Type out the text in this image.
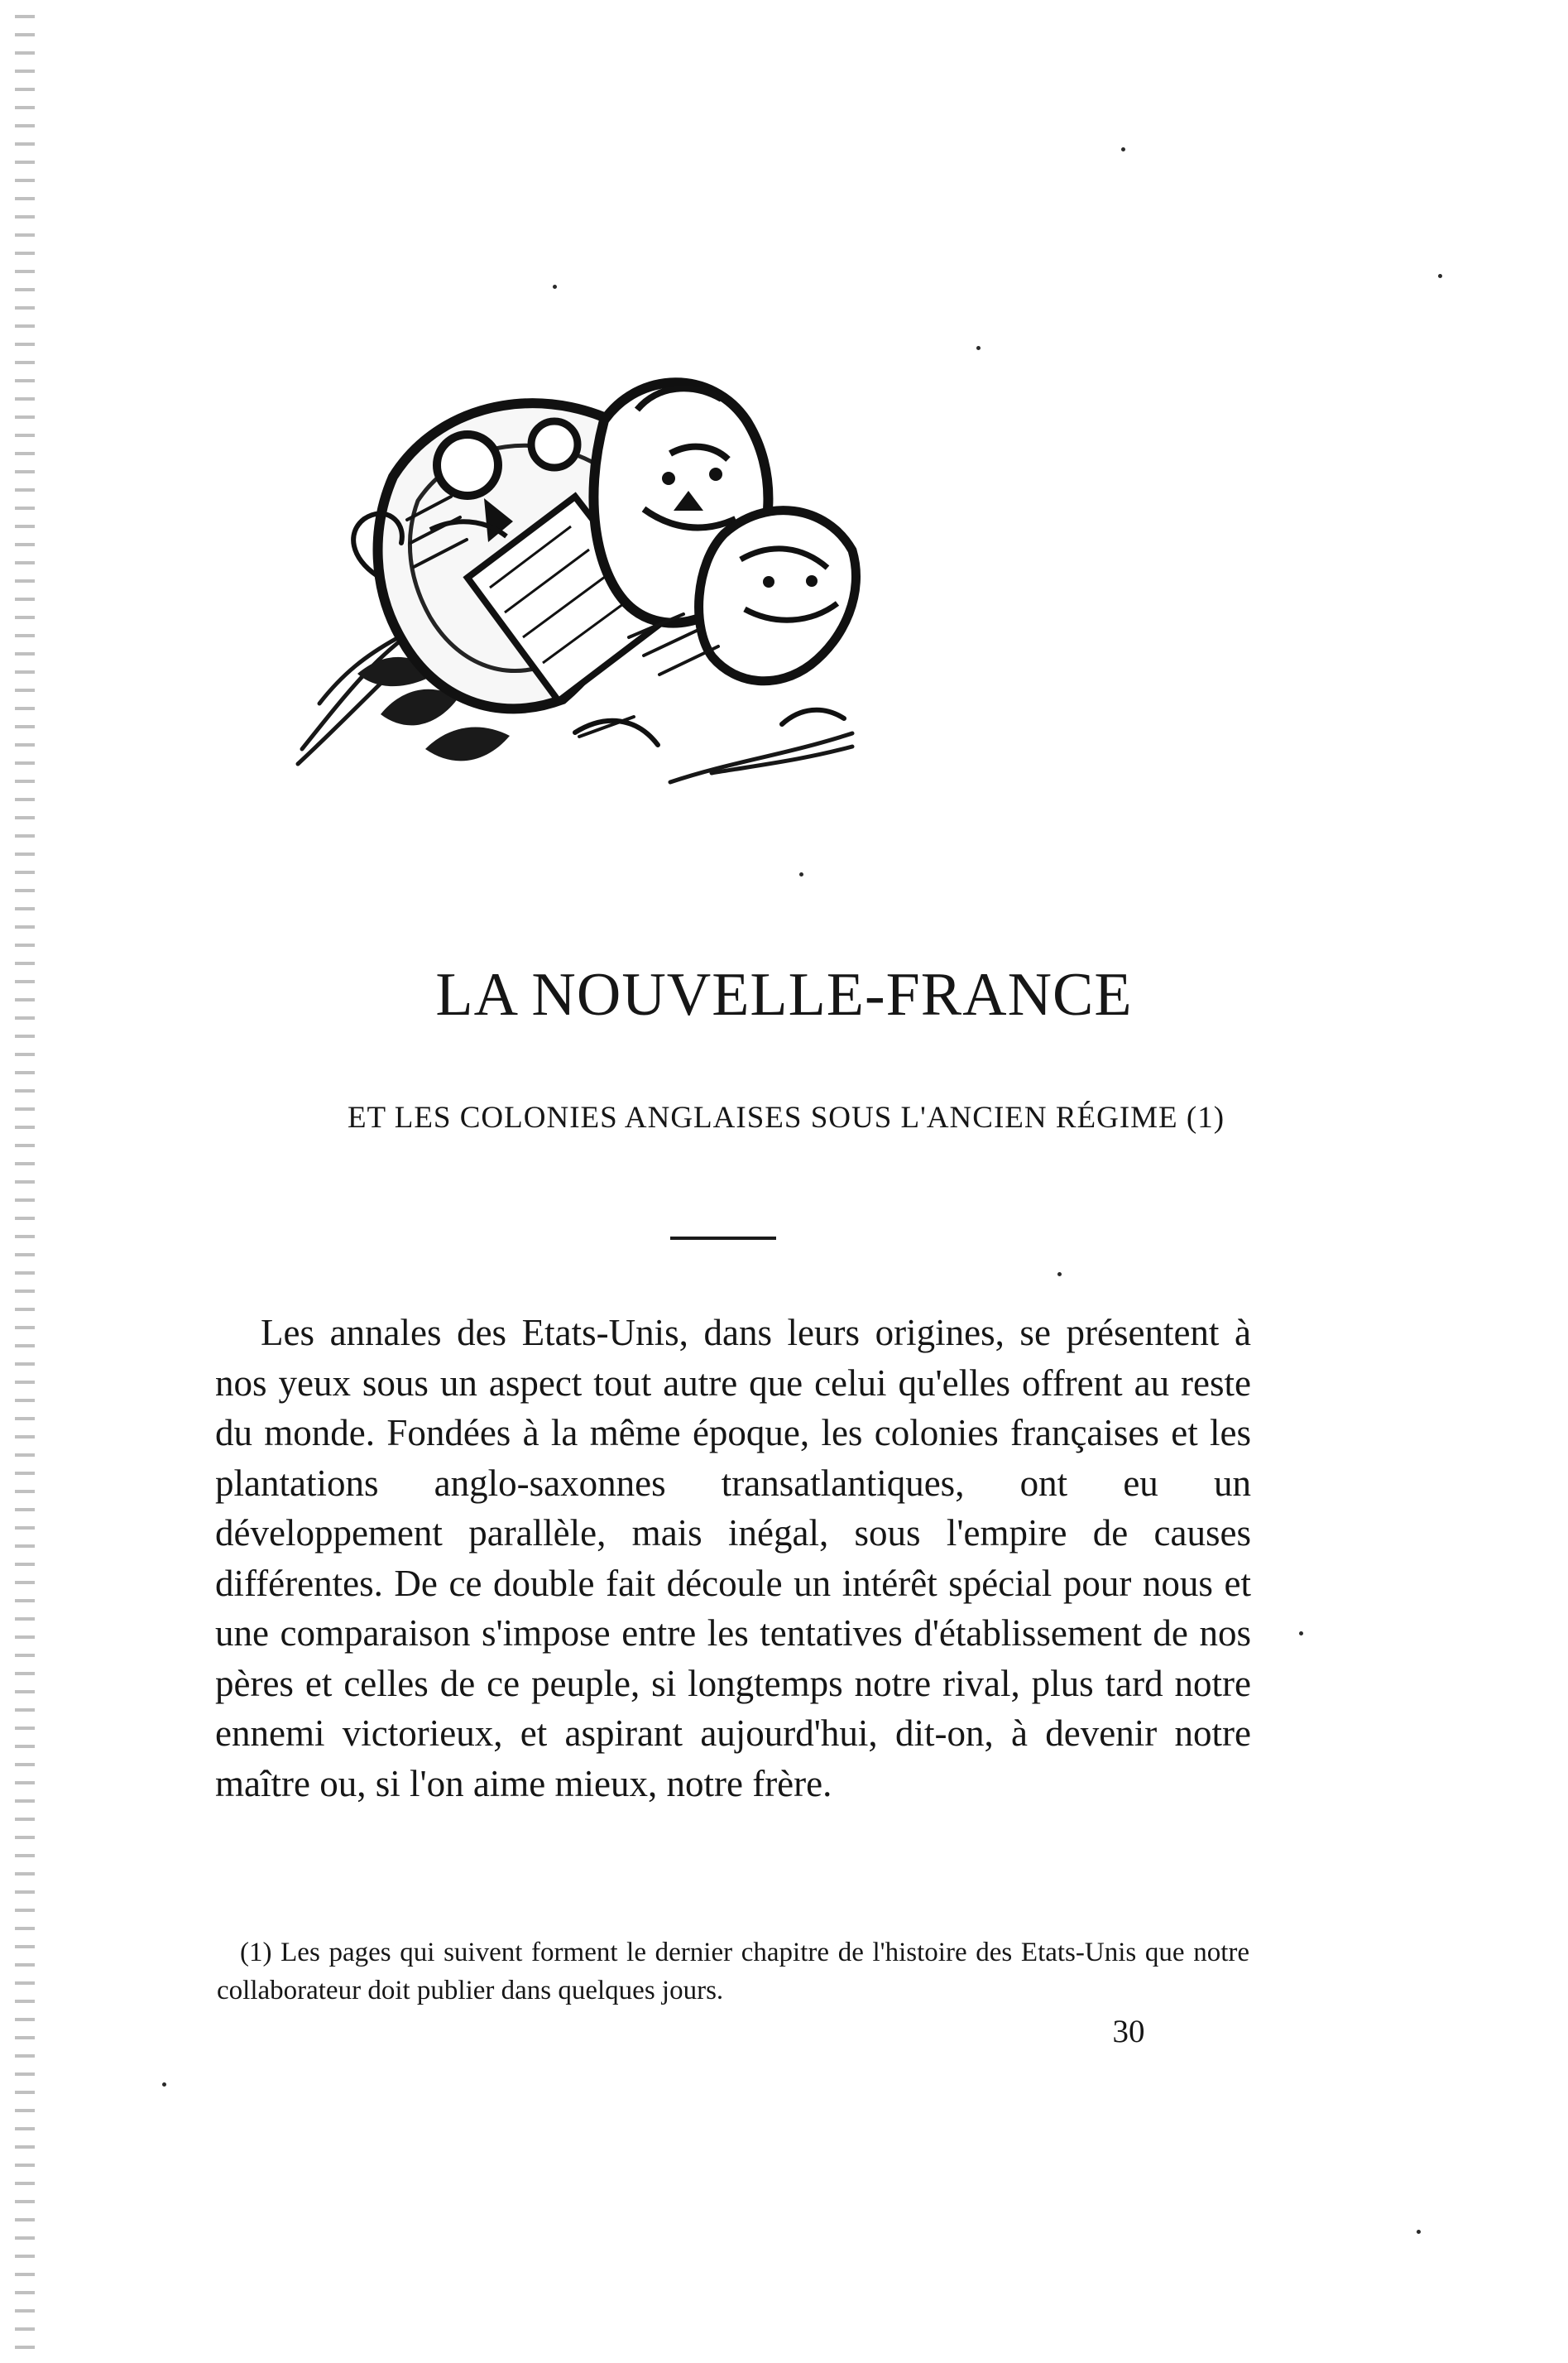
LA NOUVELLE-FRANCE

ET LES COLONIES ANGLAISES SOUS L'ANCIEN RÉGIME (1)

Les annales des Etats-Unis, dans leurs origines, se présentent à nos yeux sous un aspect tout autre que celui qu'elles offrent au reste du monde. Fondées à la même époque, les colonies françaises et les plantations anglo-saxonnes transatlantiques, ont eu un développement parallèle, mais inégal, sous l'empire de causes différentes. De ce double fait découle un intérêt spécial pour nous et une comparaison s'impose entre les tentatives d'établissement de nos pères et celles de ce peuple, si longtemps notre rival, plus tard notre ennemi victorieux, et aspirant aujourd'hui, dit-on, à devenir notre maître ou, si l'on aime mieux, notre frère.

(1) Les pages qui suivent forment le dernier chapitre de l'histoire des Etats-Unis que notre collaborateur doit publier dans quelques jours.

30
